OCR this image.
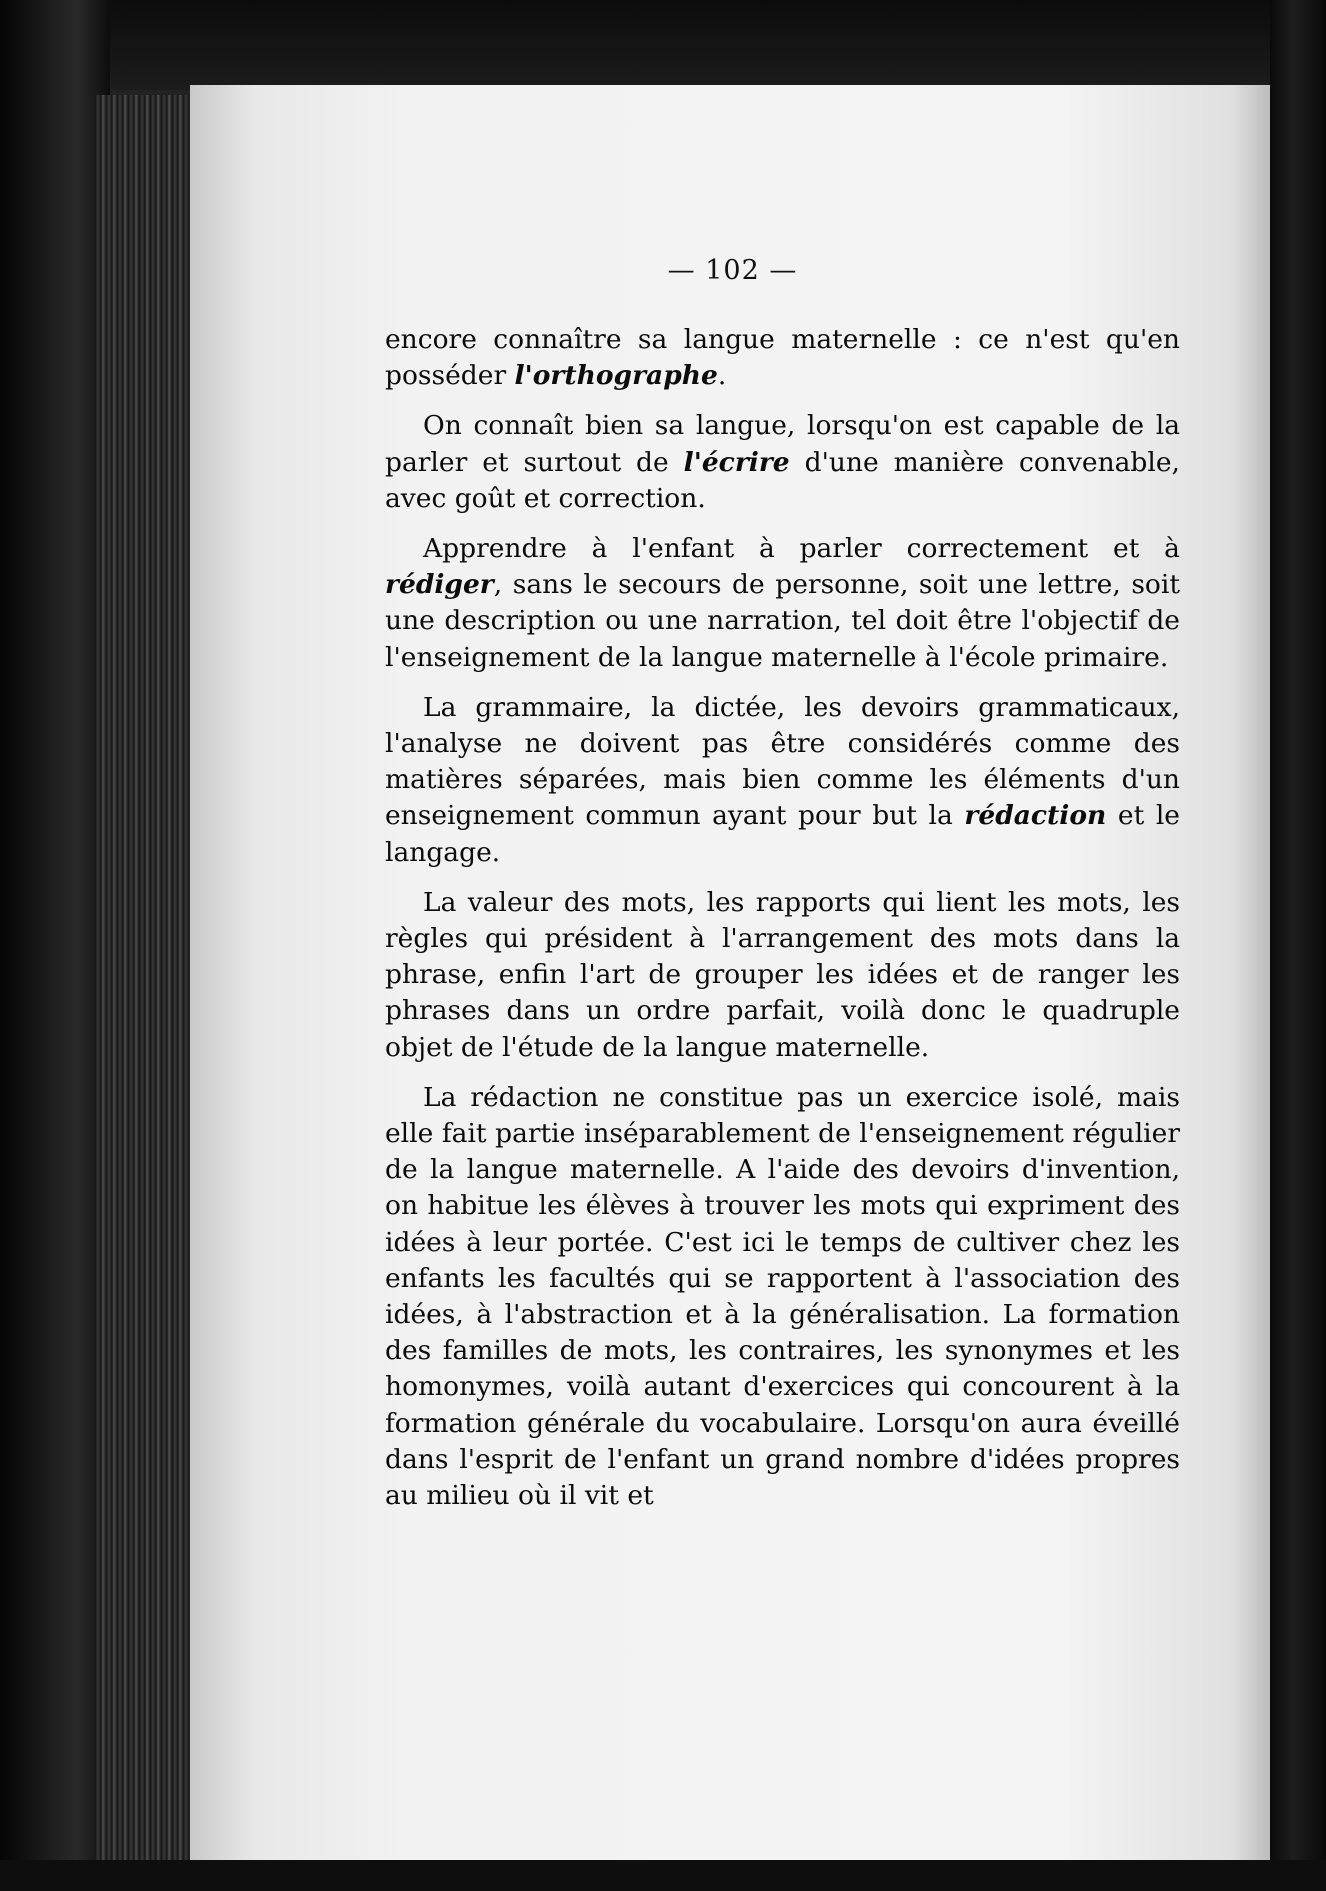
— 102 —

encore connaître sa langue maternelle : ce n'est qu'en posséder l'orthographe.

On connaît bien sa langue, lorsqu'on est capable de la parler et surtout de l'écrire d'une manière convenable, avec goût et correction.

Apprendre à l'enfant à parler correctement et à rédiger, sans le secours de personne, soit une lettre, soit une description ou une narration, tel doit être l'objectif de l'enseignement de la langue maternelle à l'école primaire.

La grammaire, la dictée, les devoirs grammaticaux, l'analyse ne doivent pas être considérés comme des matières séparées, mais bien comme les éléments d'un enseignement commun ayant pour but la rédaction et le langage.

La valeur des mots, les rapports qui lient les mots, les règles qui président à l'arrangement des mots dans la phrase, enfin l'art de grouper les idées et de ranger les phrases dans un ordre parfait, voilà donc le quadruple objet de l'étude de la langue maternelle.

La rédaction ne constitue pas un exercice isolé, mais elle fait partie inséparablement de l'enseignement régulier de la langue maternelle. A l'aide des devoirs d'invention, on habitue les élèves à trouver les mots qui expriment des idées à leur portée. C'est ici le temps de cultiver chez les enfants les facultés qui se rapportent à l'association des idées, à l'abstraction et à la généralisation. La formation des familles de mots, les contraires, les synonymes et les homonymes, voilà autant d'exercices qui concourent à la formation générale du vocabulaire. Lorsqu'on aura éveillé dans l'esprit de l'enfant un grand nombre d'idées propres au milieu où il vit et
